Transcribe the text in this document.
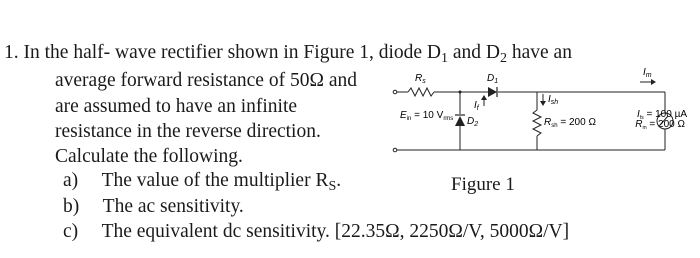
1. In the half- wave rectifier shown in Figure 1, diode $D_1$ and $D_2$ have an
average forward resistance of 50Ω and
are assumed to have an infinite
resistance in the reverse direction.
Calculate the following.
a) The value of the multiplier $R_S$.
b) The ac sensitivity.
c) The equivalent dc sensitivity. [22.35Ω, 2250Ω/V, 5000Ω/V]
Figure 1
$R_s$	$D_1$
$I_f$
$I_{sh}$
$I_m$
$D_2$
$E_{in} = 10$ $V_{rms}$	$R_{sh} = 200$ Ω
$I_{fs} = 100$ µA
$R_m = 200$ Ω
